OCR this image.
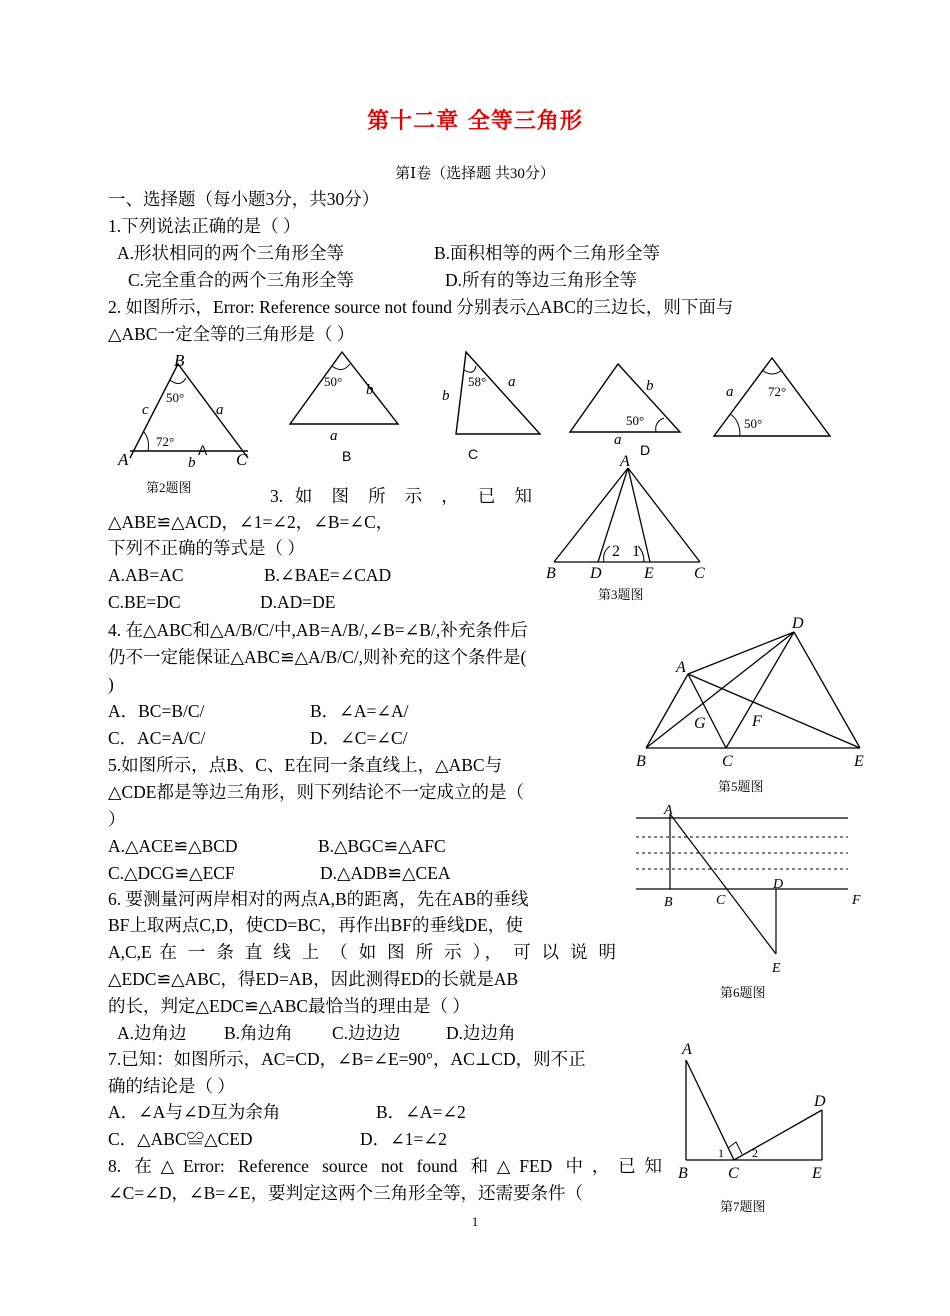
第十二章 全等三角形
第Ⅰ卷（选择题 共30分）
一、选择题（每小题3分，共30分）
1.下列说法正确的是（ ）
A.形状相同的两个三角形全等	B.面积相等的两个三角形全等
C.完全重合的两个三角形全等	D.所有的等边三角形全等
2. 如图所示，Error: Reference source not found 分别表示△ABC的三边长，则下面与
△ABC一定全等的三角形是（ ）
B
A	C
c	a
b
50°
72°
A
50°
b
a
B
58°
b
a
C
b
50°
a
D
a	72°
50°
第2题图	3. 如 图 所 示 ， 已 知
△ABE≌△ACD，∠1=∠2，∠B=∠C，
下列不正确的等式是（ ）
A.AB=AC	B.∠BAE=∠CAD
C.BE=DC	D.AD=DE
A
B D	E	C
2 1
第3题图
4. 在△ABC和△A/B/C/中,AB=A/B/,∠B=∠B/,补充条件后
仍不一定能保证△ABC≌△A/B/C/,则补充的这个条件是(
)
A．BC=B/C/	B．∠A=∠A/
C．AC=A/C/	D．∠C=∠C/
A
D
B	C	E
G	F
第5题图
5.如图所示，点B、C、E在同一条直线上，△ABC与
△CDE都是等边三角形，则下列结论不一定成立的是（
）
A.△ACE≌△BCD	B.△BGC≌△AFC
C.△DCG≌△ECF	D.△ADB≌△CEA
A
B	C
D
F
E
第6题图
6. 要测量河两岸相对的两点A,B的距离，先在AB的垂线
BF上取两点C,D，使CD=BC，再作出BF的垂线DE，使
A,C,E 在 一 条 直 线 上 （ 如 图 所 示 ）， 可 以 说 明
△EDC≌△ABC，得ED=AB，因此测得ED的长就是AB
的长，判定△EDC≌△ABC最恰当的理由是（ ）
A.边角边 B.角边角 C.边边边	D.边边角
7.已知：如图所示，AC=CD，∠B=∠E=90°，AC⊥CD，则不正
确的结论是（ ）
A．∠A与∠D互为余角	B．∠A=∠2
C．△ABC≌△CED	D．∠1=∠2
A
D
B	C	E
1 2
第7题图
8. 在△Error: Reference source not found 和△FED 中，已知
∠C=∠D，∠B=∠E，要判定这两个三角形全等，还需要条件（
1
